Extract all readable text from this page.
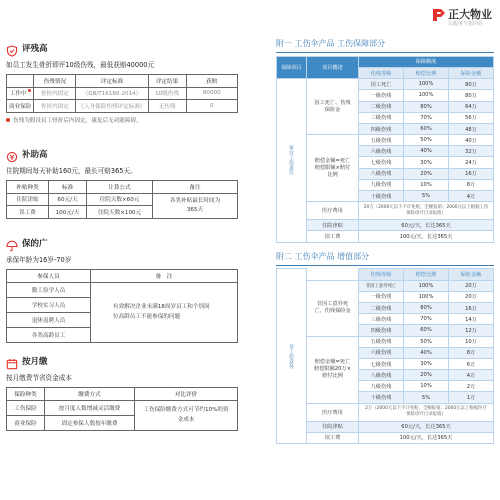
正大物业
让服务与您同在
评残高
如员工发生骨折即评10级伤残，最低获赔40000元
	伤残情况	评定标准	评定结果	获赔
工作中	骨折内固定	《GB/T16180-2014》	10级伤残	80000
商业保险	骨折内固定	《人身保险伤残评定标准》	无伤残	0
伤残为假设员工骨折后内固定，康复后无功能障碍。
补助高
住院期间每天补助160元，最长可赔365天。
补贴种类	标准	计算公式	备注
住院津贴	60元/天	住院天数×60元	各类补贴最长时间为365天
误工费	100元/天	住院天数×100元	
保的广
承保年龄为16岁-70岁
参保人员	备　注
勤工俭学人员	有效解决企业未满18周岁员工和个别岗位高龄员工不能参保的问题
学校实习人员	
退休返聘人员	
各类高龄员工	
按月缴
按月缴费节省资金成本
保险种类	缴费方式	对比评价
工伤保险	按月度人数增减灵活缴费	工伤保险缴费方式可节约10%的资金成本
商业保险	固定参保人数按年缴费	
附一 工伤伞产品 工伤保障部分
保障项目	项目概述	保障额度		
		伤残等级	赔偿比例	保险金额
单位工伤责任	因工死亡、伤残保险金	因工死亡	100%	80万
		一级伤残	100%	80万
		二级伤残	80%	64万
		三级伤残	70%	56万
		四级伤残	60%	48万
	赔偿金额=死亡赔偿限额×赔付比例	五级伤残	50%	40万
		六级伤残	40%	32万
		七级伤残	30%	24万
		八级伤残	20%	16万
		九级伤残	10%	8万
		十级伤残	5%	4万
	医疗费用	20万（2000元以下不计免赔，全额报销；2000元以上根据工伤保险诊疗目录报销）		
	住院津贴	60元/天，长达365天		
	误工费	100元/天，长达365天		
附二 工伤伞产品 增值部分
非工伤意外		伤残等级	赔偿比例	保险金额
	非因工意外死亡、伤残保险金	非因工意外死亡	100%	20万
		一级伤残	100%	20万
		二级伤残	80%	16万
		三级伤残	70%	14万
		四级伤残	60%	12万
	赔偿金额=死亡赔偿限额20万×赔付比例	五级伤残	50%	10万
		六级伤残	40%	8万
		七级伤残	30%	6万
		八级伤残	20%	4万
		九级伤残	10%	2万
		十级伤残	5%	1万
	医疗费用	2万（2000元以下不计免赔，全额报销；2000元以上根据医疗保险诊疗目录报销）		
	住院津贴	60元/天，长达365天		
	误工费	100元/天，长达365天		
